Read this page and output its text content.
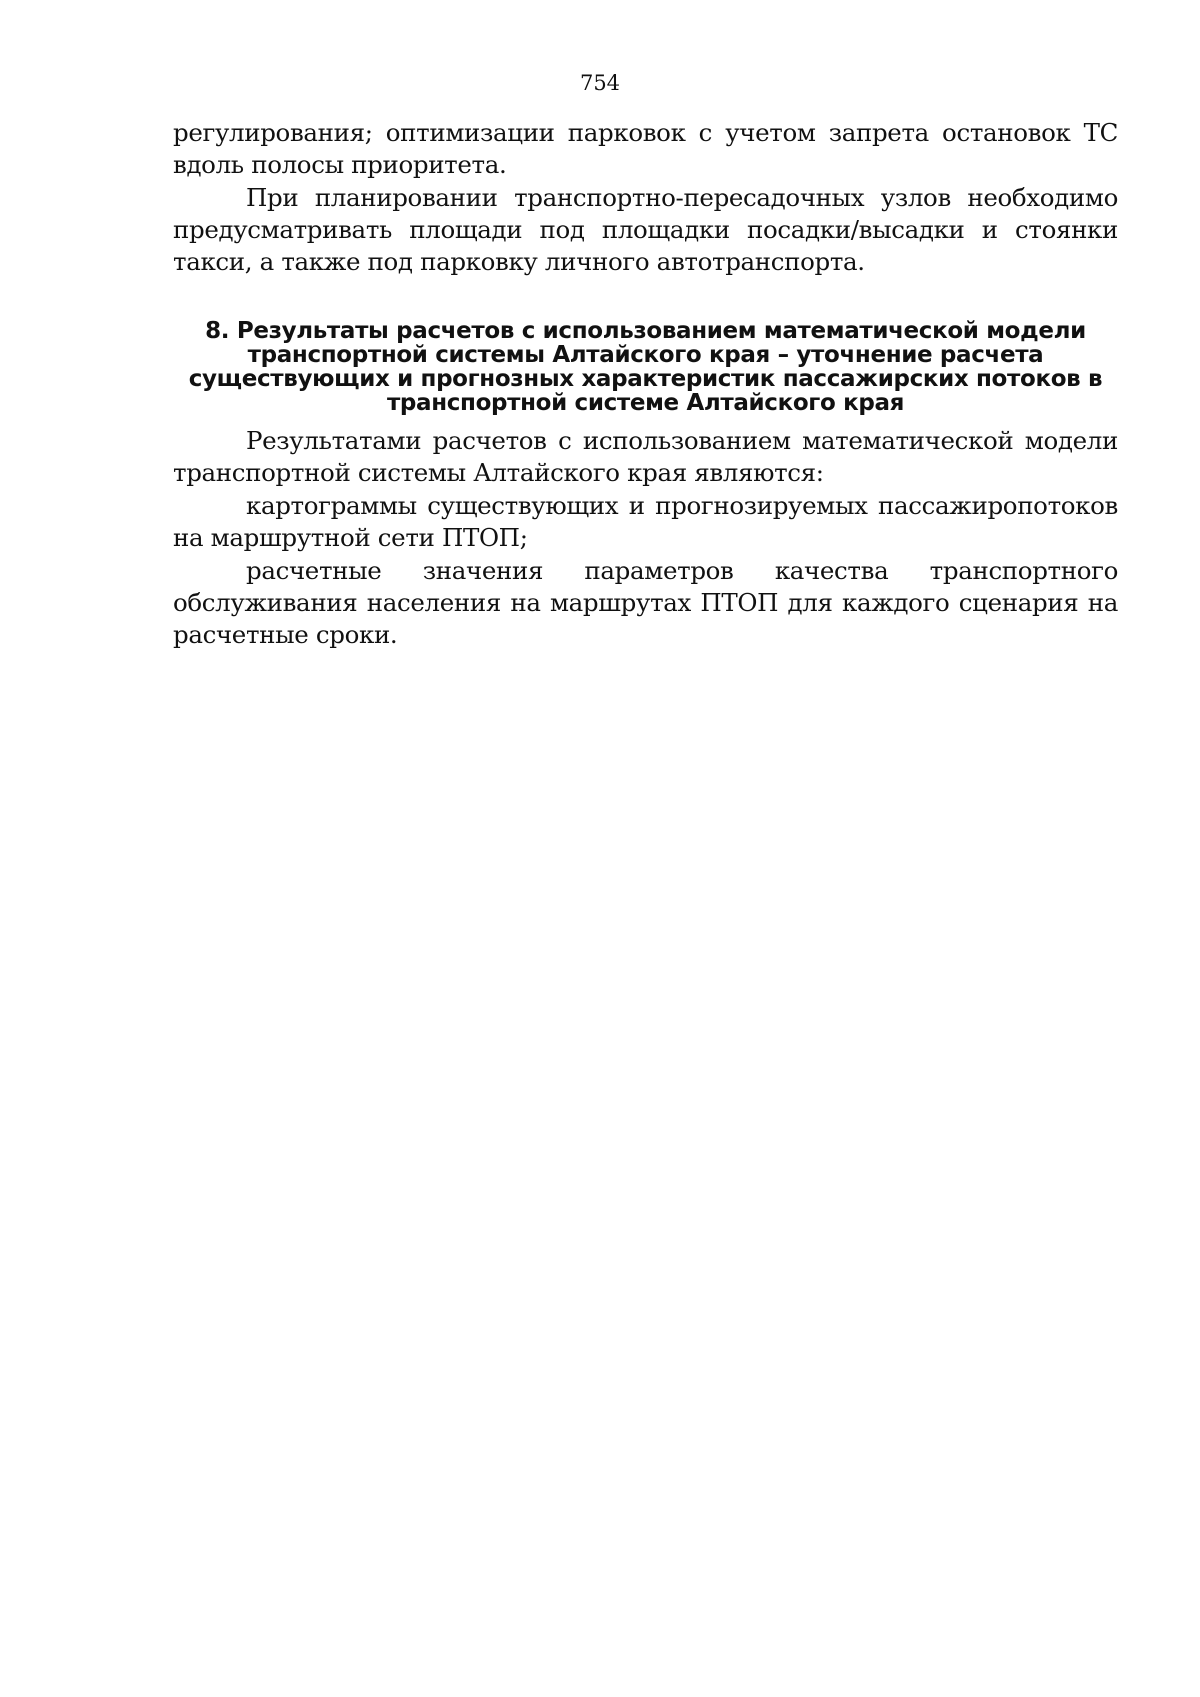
754

регулирования; оптимизации парковок с учетом запрета остановок ТС вдоль полосы приоритета.

При планировании транспортно-пересадочных узлов необходимо предусматривать площади под площадки посадки/высадки и стоянки такси, а также под парковку личного автотранспорта.

8. Результаты расчетов с использованием математической модели транспортной системы Алтайского края – уточнение расчета существующих и прогнозных характеристик пассажирских потоков в транспортной системе Алтайского края

Результатами расчетов с использованием математической модели транспортной системы Алтайского края являются:

картограммы существующих и прогнозируемых пассажиропотоков на маршрутной сети ПТОП;

расчетные значения параметров качества транспортного обслуживания населения на маршрутах ПТОП для каждого сценария на расчетные сроки.
